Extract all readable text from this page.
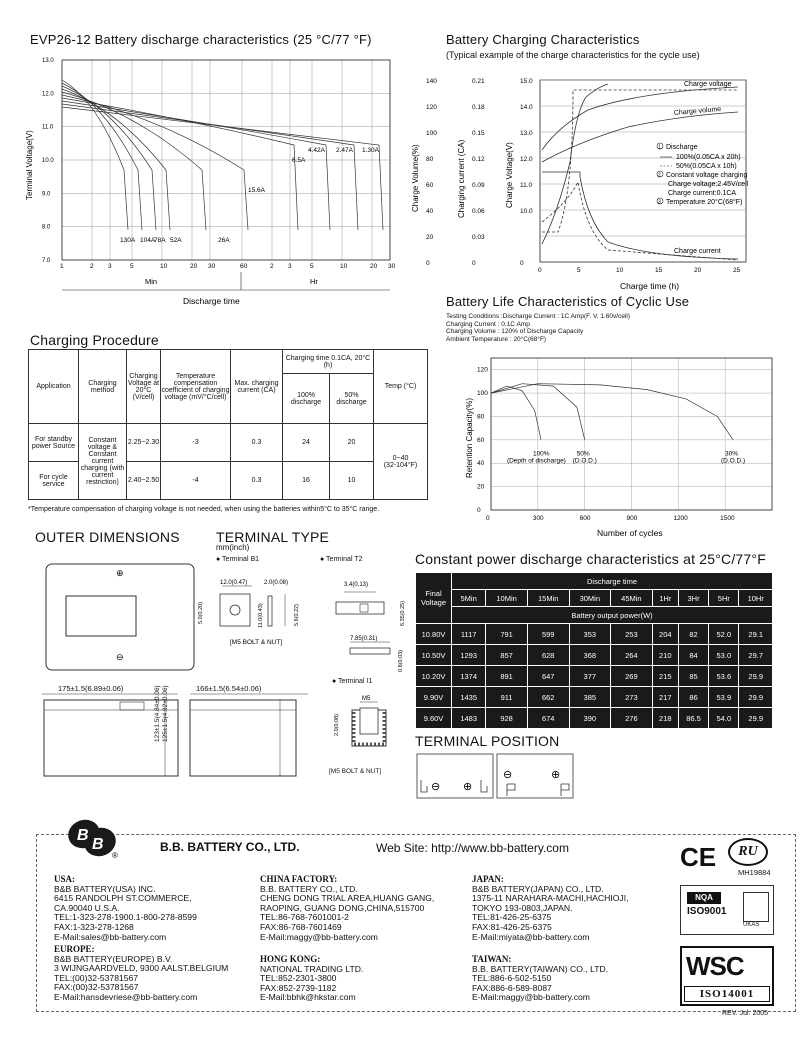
EVP26-12 Battery discharge characteristics (25 °C/77 °F)
13.0
12.0
11.0
10.0
9.0
8.0
7.0
1	2 3	5	10	20 30	60	2 3	5	10	20 30
130A 104A
78A 52A	26A
15.6A
6.5A
4.42A 2.47A 1.30A
Terminal Voltage(V)
Min	Hr
Discharge time
Battery Charging Characteristics
(Typical example of the charge characteristics for the cycle use)
140
120
100
80
60
40
20
0
0.21
0.18
0.15
0.12
0.09
0.06
0.03
0
15.0
14.0
13.0
12.0
11.0
10.0
0
0	5	10	15	20	25
Charge Volume(%)	Charging current (CA)	Charge Voltage(V)
Charge voltage
Charge volume
Charge current
1 Discharge
100%(0.05CA x 20h)
50%(0.05CA x 10h)
2 Constant voltage charging
Charge voltage:2.45V/cell
Charge current:0.1CA
3 Temperature 20°C(68°F)
Charge time (h)
Charging Procedure
Application	Charging method	Charging Voltage at 20°C (V/cell)	Temperature compensation coefficient of charging voltage (mV/°C/cell)	Max. charging current (CA)	Charging time 0.1CA, 20°C (h)		Temp (°C)
					100% discharge	50% discharge	
For standby power Source	Constant voltage & Constant current charging (with current restriction)	2.25~2.30	-3	0.3	24	20	0~40
(32-104°F)
For cycle service		2.40~2.50	-4	0.3	16	10	
*Temperature compensation of charging voltage is not needed, when using the batteries within5°C to 35°C range.
Battery Life Characteristics of Cyclic Use
Testing Conditions :Discharge Current : 1C Amp(F. V. 1.60v/cell)
Charging Current : 0.1C Amp
Charging Volume : 120% of Discharge Capacity
Ambient Temperature : 20°C(68°F)
120
100
80
60
40
20
0
0	300	600	900	1200	1500
100%
(Depth of discharge)
50%
(D.O.D.)
30%
(D.O.D.)
Retention Capacity(%)
Number of cycles
OUTER DIMENSIONS
⊕
⊖
175±1.5(6.89±0.06)	166±1.5(6.54±0.06)
123±1.5(4.84±0.06) 125±1.5(4.92±0.06)
TERMINAL TYPE
mm(inch)
● Terminal B1	● Terminal T2
12.0(0.47)	2.0(0.08)
5.0(0.20)	11.0(0.43)	5.6(0.22)
[M5 BOLT & NUT]
3.4(0.13)
6.35(0.25)
7.85(0.31)
0.8(0.03)
● Terminal I1
M5
2.0(0.08)
[M5 BOLT & NUT]
Constant power discharge characteristics at 25°C/77°F
Final Voltage	Discharge time								
	5Min	10Min	15Min	30Min	45Min	1Hr	3Hr	5Hr	10Hr
	Battery output power(W)								
10.80V	1117	791	599	353	253	204	82	52.0	29.1
10.50V	1293	857	628	368	264	210	84	53.0	29.7
10.20V	1374	891	647	377	269	215	85	53.6	29.9
9.90V	1435	911	662	385	273	217	86	53.9	29.9
9.60V	1483	928	674	390	276	218	86.5	54.0	29.9
TERMINAL POSITION
⊖ ⊕
⊖	⊕
B
B
®
B.B. BATTERY CO., LTD.	Web Site: http://www.bb-battery.com
USA:
B&B BATTERY(USA) INC.
6415 RANDOLPH ST.COMMERCE,
CA.90040 U.S.A.
TEL:1-323-278-1900.1-800-278-8599
FAX:1-323-278-1268
E-Mail:sales@bb-battery.com
EUROPE:
B&B BATTERY(EUROPE) B.V.
3 WIJNGAARDVELD, 9300 AALST.BELGIUM
TEL:(00)32-53781567
FAX:(00)32-53781567
E-Mail:hansdevriese@bb-battery.com
CHINA FACTORY:
B.B. BATTERY CO., LTD.
CHENG DONG TRIAL AREA,HUANG GANG,
RAOPING, GUANG DONG,CHINA,515700
TEL:86-768-7601001-2
FAX:86-768-7601469
E-Mail:maggy@bb-battery.com
HONG KONG:
NATIONAL TRADING LTD.
TEL:852-2301-3800
FAX:852-2739-1182
E-Mail:bbhk@hkstar.com
JAPAN:
B&B BATTERY(JAPAN) CO., LTD.
1375-11 NARAHARA-MACHI,HACHIOJI,
TOKYO 193-0803,JAPAN.
TEL:81-426-25-6375
FAX:81-426-25-6375
E-Mail:miyata@bb-battery.com
TAIWAN:
B.B. BATTERY(TAIWAN) CO., LTD.
TEL:886-6-502-5150
FAX:886-6-589-8087
E-Mail:maggy@bb-battery.com
CE	RU
MH19884
NQA
ISO9001
UKAS
WSC
ISO14001
REV. Jul. 2005
